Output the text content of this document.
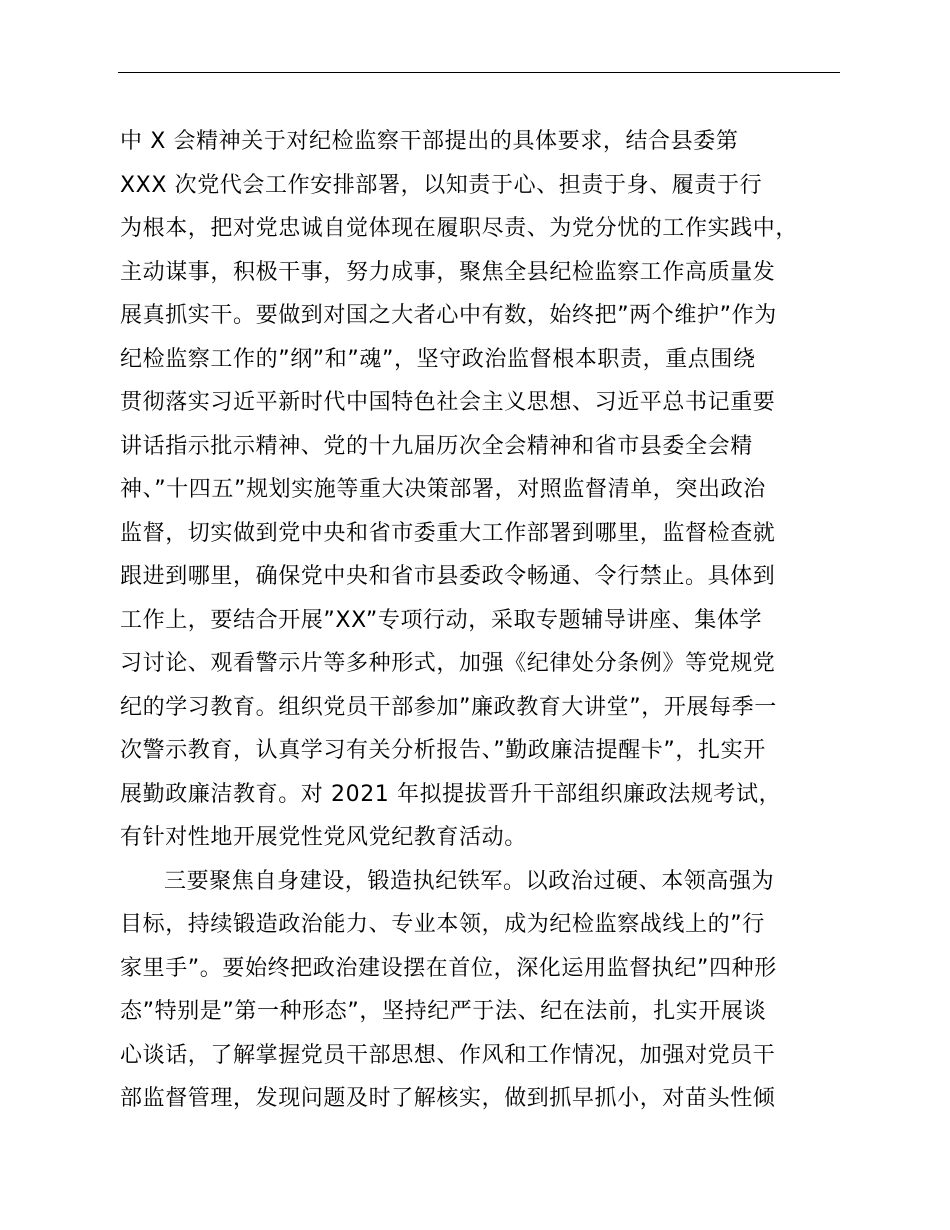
中 X 会精神关于对纪检监察干部提出的具体要求，结合县委第
XXX 次党代会工作安排部署，以知责于心、担责于身、履责于行
为根本，把对党忠诚自觉体现在履职尽责、为党分忧的工作实践中，
主动谋事，积极干事，努力成事，聚焦全县纪检监察工作高质量发
展真抓实干。要做到对国之大者心中有数，始终把”两个维护”作为
纪检监察工作的”纲”和”魂”，坚守政治监督根本职责，重点围绕
贯彻落实习近平新时代中国特色社会主义思想、习近平总书记重要
讲话指示批示精神、党的十九届历次全会精神和省市县委全会精
神、”十四五”规划实施等重大决策部署，对照监督清单，突出政治
监督，切实做到党中央和省市委重大工作部署到哪里，监督检查就
跟进到哪里，确保党中央和省市县委政令畅通、令行禁止。具体到
工作上，要结合开展”XX”专项行动，采取专题辅导讲座、集体学
习讨论、观看警示片等多种形式，加强《纪律处分条例》等党规党
纪的学习教育。组织党员干部参加”廉政教育大讲堂”，开展每季一
次警示教育，认真学习有关分析报告、”勤政廉洁提醒卡”，扎实开
展勤政廉洁教育。对 2021 年拟提拔晋升干部组织廉政法规考试，
有针对性地开展党性党风党纪教育活动。
三要聚焦自身建设，锻造执纪铁军。以政治过硬、本领高强为
目标，持续锻造政治能力、专业本领，成为纪检监察战线上的”行
家里手”。要始终把政治建设摆在首位，深化运用监督执纪”四种形
态”特别是”第一种形态”，坚持纪严于法、纪在法前，扎实开展谈
心谈话，了解掌握党员干部思想、作风和工作情况，加强对党员干
部监督管理，发现问题及时了解核实，做到抓早抓小，对苗头性倾
